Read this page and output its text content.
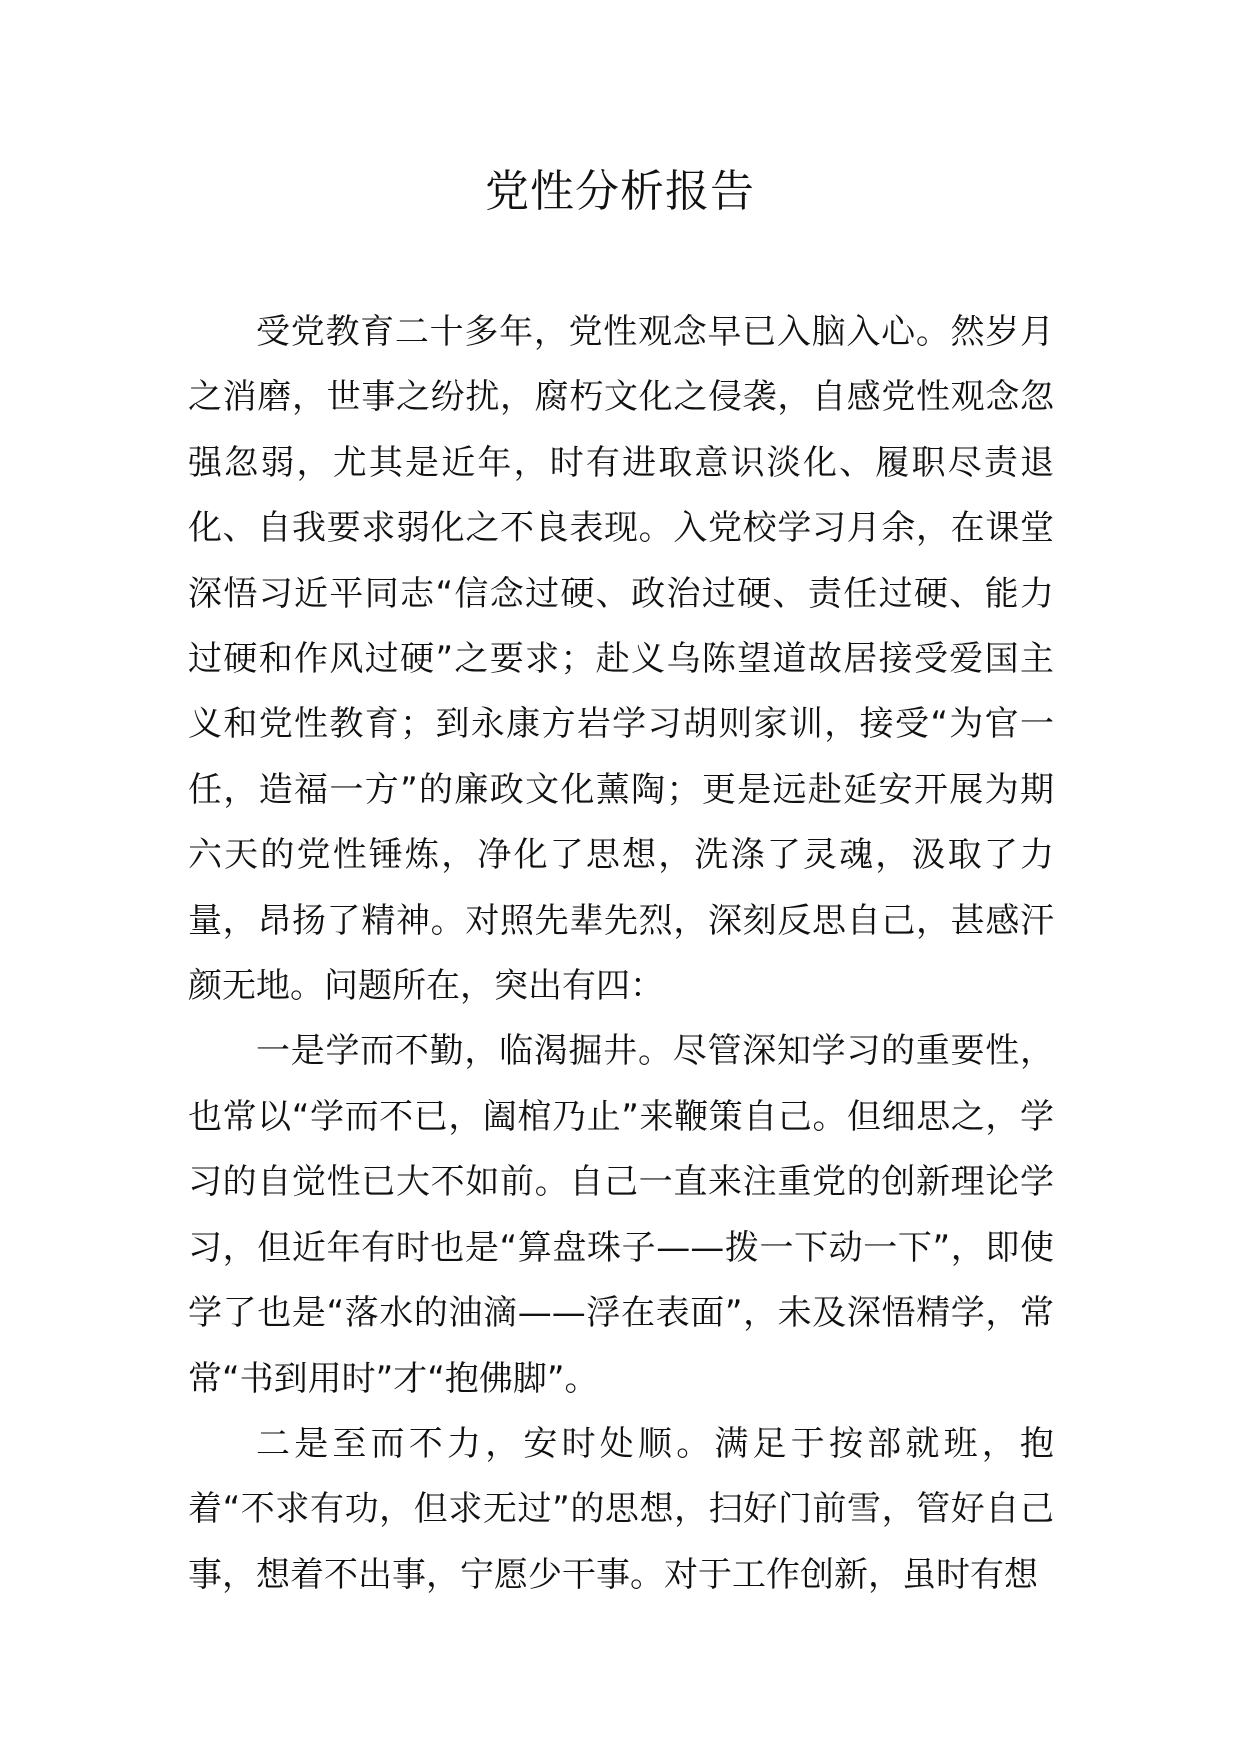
党性分析报告

受党教育二十多年，党性观念早已入脑入心。然岁月之消磨，世事之纷扰，腐朽文化之侵袭，自感党性观念忽强忽弱，尤其是近年，时有进取意识淡化、履职尽责退化、自我要求弱化之不良表现。入党校学习月余，在课堂深悟习近平同志“信念过硬、政治过硬、责任过硬、能力过硬和作风过硬”之要求；赴义乌陈望道故居接受爱国主义和党性教育；到永康方岩学习胡则家训，接受“为官一任，造福一方”的廉政文化薰陶；更是远赴延安开展为期六天的党性锤炼，净化了思想，洗涤了灵魂，汲取了力量，昂扬了精神。对照先辈先烈，深刻反思自己，甚感汗颜无地。问题所在，突出有四：

一是学而不勤，临渴掘井。尽管深知学习的重要性，也常以“学而不已，阖棺乃止”来鞭策自己。但细思之，学习的自觉性已大不如前。自己一直来注重党的创新理论学习，但近年有时也是“算盘珠子——拨一下动一下”，即使学了也是“落水的油滴——浮在表面”，未及深悟精学，常常“书到用时”才“抱佛脚”。

二是至而不力，安时处顺。满足于按部就班，抱着“不求有功，但求无过”的思想，扫好门前雪，管好自己事，想着不出事，宁愿少干事。对于工作创新，虽时有想
